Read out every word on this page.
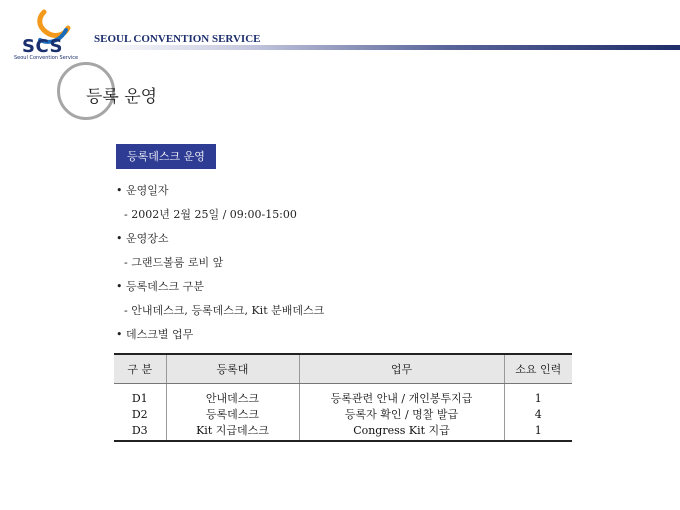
SCS
Seoul Convention Service
SEOUL CONVENTION SERVICE
등록 운영
등록데스크 운영
• 운영일자
- 2002년 2월 25일 / 09:00-15:00
• 운영장소
- 그랜드볼룸 로비 앞
• 등록데스크 구분
- 안내데스크, 등록데스크, Kit 분배데스크
• 데스크별 업무
구 분	등록대	업무	소요 인력
D1	안내데스크	등록관련 안내 / 개인봉투지급	1
D2	등록데스크	등록자 확인 / 명찰 발급	4
D3	Kit 지급데스크	Congress Kit 지급	1
